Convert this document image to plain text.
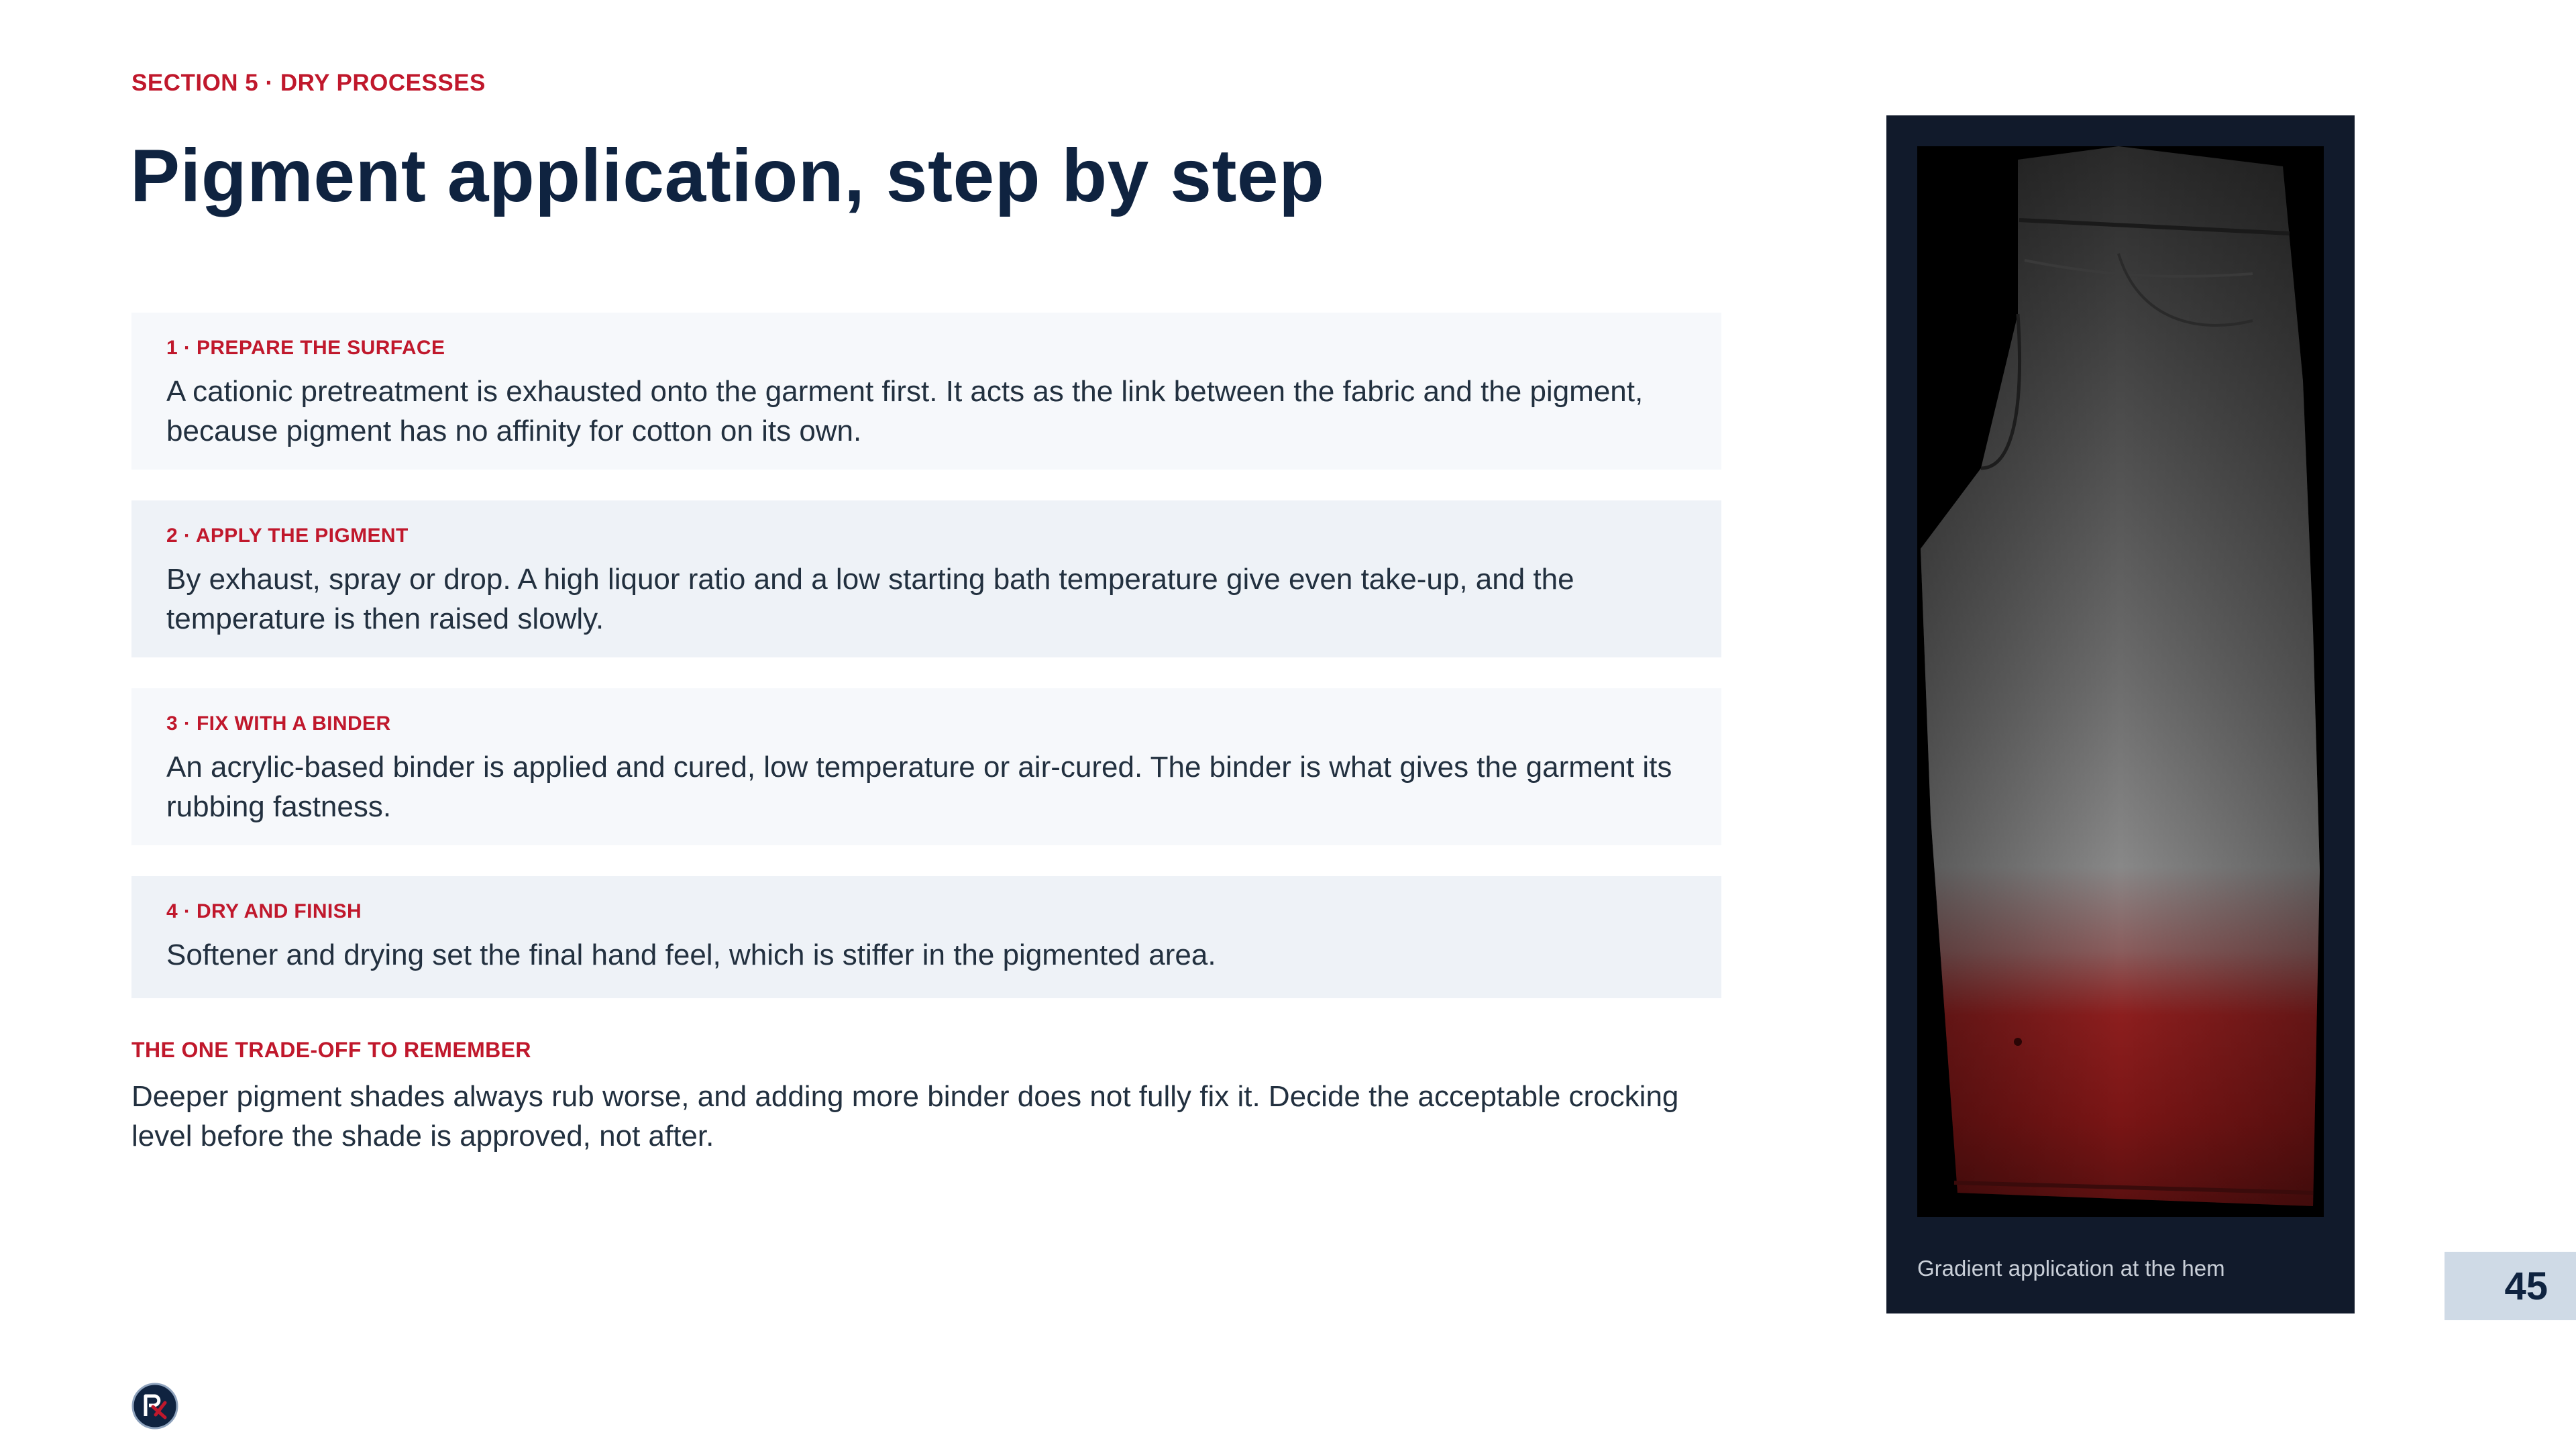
SECTION 5 · DRY PROCESSES
Pigment application, step by step
1 · PREPARE THE SURFACE
A cationic pretreatment is exhausted onto the garment first. It acts as the link between the fabric and the pigment, because pigment has no affinity for cotton on its own.
2 · APPLY THE PIGMENT
By exhaust, spray or drop. A high liquor ratio and a low starting bath temperature give even take-up, and the temperature is then raised slowly.
3 · FIX WITH A BINDER
An acrylic-based binder is applied and cured, low temperature or air-cured. The binder is what gives the garment its rubbing fastness.
4 · DRY AND FINISH
Softener and drying set the final hand feel, which is stiffer in the pigmented area.
THE ONE TRADE-OFF TO REMEMBER
Deeper pigment shades always rub worse, and adding more binder does not fully fix it. Decide the acceptable crocking level before the shade is approved, not after.
Gradient application at the hem	45
